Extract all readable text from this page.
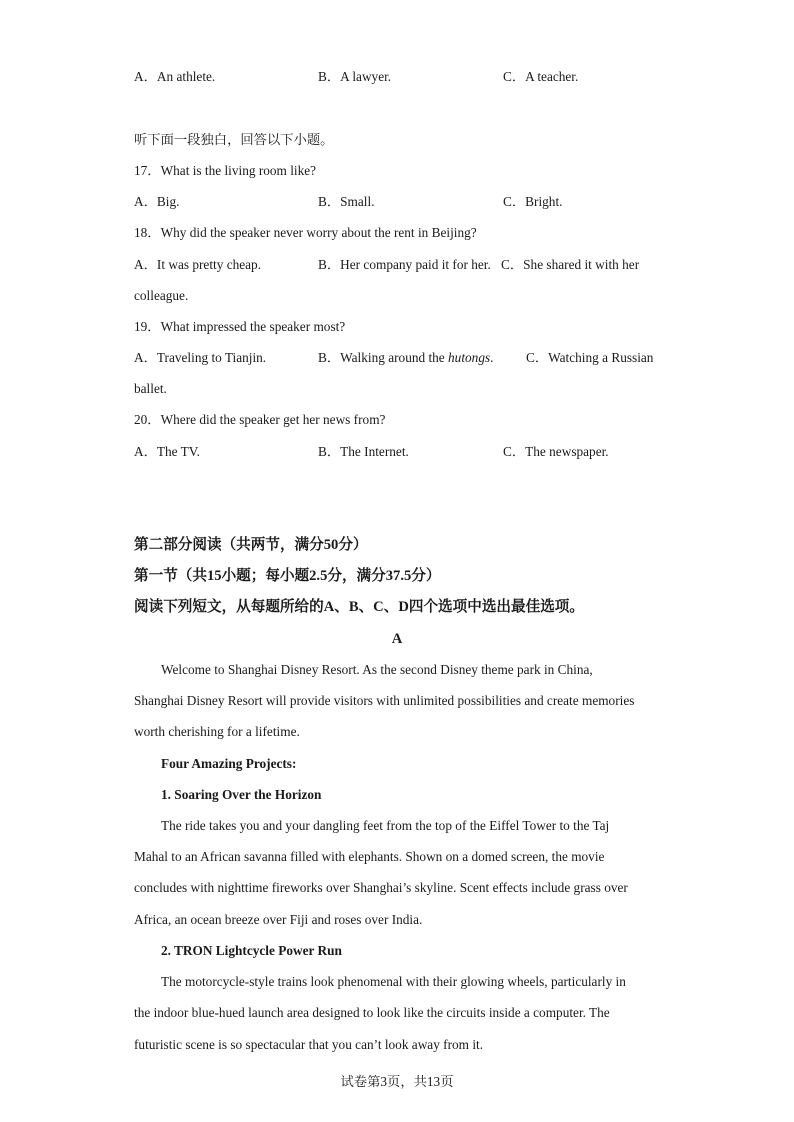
A．An athlete.	B．A lawyer.	C．A teacher.
听下面一段独白，回答以下小题。
17．What is the living room like?
A．Big.	B．Small.	C．Bright.
18．Why did the speaker never worry about the rent in Beijing?
A．It was pretty cheap.	B．Her company paid it for her. C．She shared it with her
colleague.
19．What impressed the speaker most?
A．Traveling to Tianjin.	B．Walking around the hutongs. C．Watching a Russian
ballet.
20．Where did the speaker get her news from?
A．The TV.	B．The Internet.	C．The newspaper.
第二部分阅读（共两节，满分50分）
第一节（共15小题；每小题2.5分，满分37.5分）
阅读下列短文，从每题所给的A、B、C、D四个选项中选出最佳选项。
A
Welcome to Shanghai Disney Resort. As the second Disney theme park in China,
Shanghai Disney Resort will provide visitors with unlimited possibilities and create memories
worth cherishing for a lifetime.
Four Amazing Projects:
1. Soaring Over the Horizon
The ride takes you and your dangling feet from the top of the Eiffel Tower to the Taj
Mahal to an African savanna filled with elephants. Shown on a domed screen, the movie
concludes with nighttime fireworks over Shanghai’s skyline. Scent effects include grass over
Africa, an ocean breeze over Fiji and roses over India.
2. TRON Lightcycle Power Run
The motorcycle-style trains look phenomenal with their glowing wheels, particularly in
the indoor blue-hued launch area designed to look like the circuits inside a computer. The
futuristic scene is so spectacular that you can’t look away from it.
试卷第3页，共13页
